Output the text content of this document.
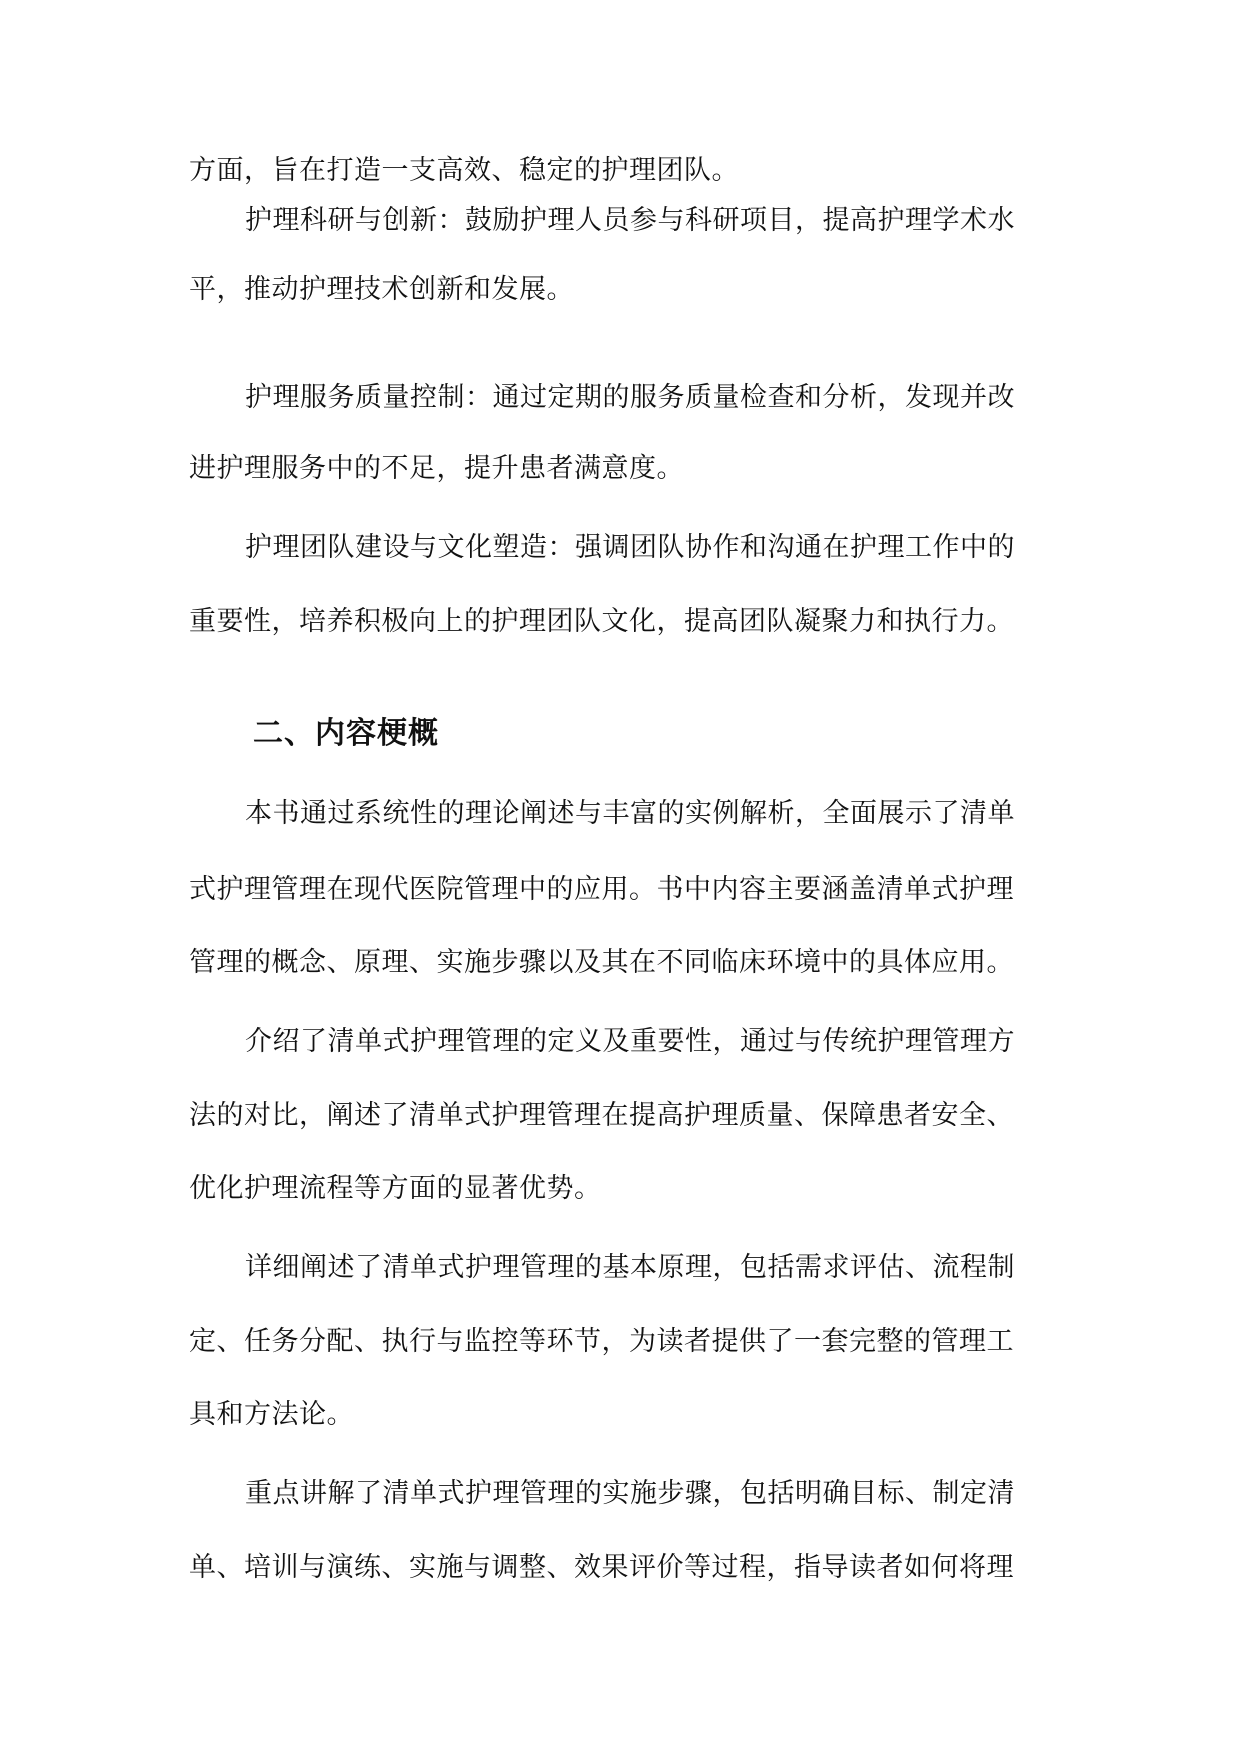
方面，旨在打造一支高效、稳定的护理团队。
护理科研与创新：鼓励护理人员参与科研项目，提高护理学术水
平，推动护理技术创新和发展。
护理服务质量控制：通过定期的服务质量检查和分析，发现并改
进护理服务中的不足，提升患者满意度。
护理团队建设与文化塑造：强调团队协作和沟通在护理工作中的
重要性，培养积极向上的护理团队文化，提高团队凝聚力和执行力。
二、内容梗概
本书通过系统性的理论阐述与丰富的实例解析，全面展示了清单
式护理管理在现代医院管理中的应用。书中内容主要涵盖清单式护理
管理的概念、原理、实施步骤以及其在不同临床环境中的具体应用。
介绍了清单式护理管理的定义及重要性，通过与传统护理管理方
法的对比，阐述了清单式护理管理在提高护理质量、保障患者安全、
优化护理流程等方面的显著优势。
详细阐述了清单式护理管理的基本原理，包括需求评估、流程制
定、任务分配、执行与监控等环节，为读者提供了一套完整的管理工
具和方法论。
重点讲解了清单式护理管理的实施步骤，包括明确目标、制定清
单、培训与演练、实施与调整、效果评价等过程，指导读者如何将理
